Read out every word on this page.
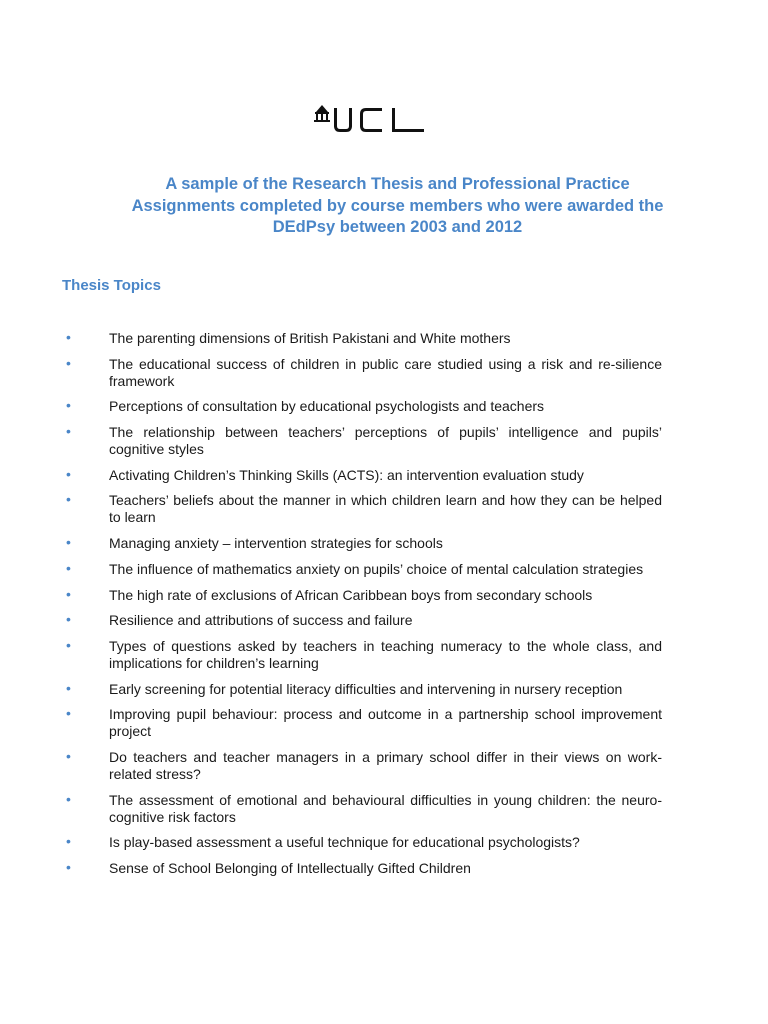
A sample of the Research Thesis and Professional Practice
Assignments completed by course members who were awarded the
DEdPsy between 2003 and 2012
Thesis Topics
•	The parenting dimensions of British Pakistani and White mothers
•	The educational success of children in public care studied using a risk and re-silience framework
•	Perceptions of consultation by educational psychologists and teachers
•	The relationship between teachers’ perceptions of pupils’ intelligence and pupils’ cognitive styles
•	Activating Children’s Thinking Skills (ACTS): an intervention evaluation study
•	Teachers’ beliefs about the manner in which children learn and how they can be helped to learn
•	Managing anxiety – intervention strategies for schools
•	The influence of mathematics anxiety on pupils’ choice of mental calculation strategies
•	The high rate of exclusions of African Caribbean boys from secondary schools
•	Resilience and attributions of success and failure
•	Types of questions asked by teachers in teaching numeracy to the whole class, and implications for children’s learning
•	Early screening for potential literacy difficulties and intervening in nursery reception
•	Improving pupil behaviour: process and outcome in a partnership school improvement project
•	Do teachers and teacher managers in a primary school differ in their views on work-related stress?
•	The assessment of emotional and behavioural difficulties in young children: the neuro-cognitive risk factors
•	Is play-based assessment a useful technique for educational psychologists?
•	Sense of School Belonging of Intellectually Gifted Children
